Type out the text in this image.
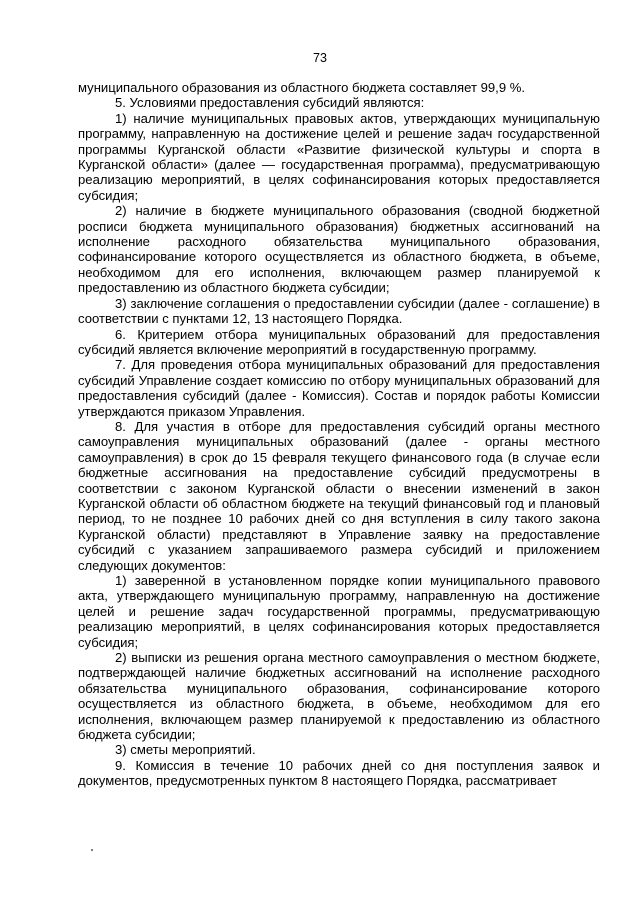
73

муниципального образования из областного бюджета составляет 99,9 %.

5. Условиями предоставления субсидий являются:

1) наличие муниципальных правовых актов, утверждающих муниципальную программу, направленную на достижение целей и решение задач государственной программы Курганской области «Развитие физической культуры и спорта в Курганской области» (далее — государственная программа), предусматривающую реализацию мероприятий, в целях софинансирования которых предоставляется субсидия;

2) наличие в бюджете муниципального образования (сводной бюджетной росписи бюджета муниципального образования) бюджетных ассигнований на исполнение расходного обязательства муниципального образования, софинансирование которого осуществляется из областного бюджета, в объеме, необходимом для его исполнения, включающем размер планируемой к предоставлению из областного бюджета субсидии;

3) заключение соглашения о предоставлении субсидии (далее - соглашение) в соответствии с пунктами 12, 13 настоящего Порядка.

6. Критерием отбора муниципальных образований для предоставления субсидий является включение мероприятий в государственную программу.

7. Для проведения отбора муниципальных образований для предоставления субсидий Управление создает комиссию по отбору муниципальных образований для предоставления субсидий (далее - Комиссия). Состав и порядок работы Комиссии утверждаются приказом Управления.

8. Для участия в отборе для предоставления субсидий органы местного самоуправления муниципальных образований (далее - органы местного самоуправления) в срок до 15 февраля текущего финансового года (в случае если бюджетные ассигнования на предоставление субсидий предусмотрены в соответствии с законом Курганской области о внесении изменений в закон Курганской области об областном бюджете на текущий финансовый год и плановый период, то не позднее 10 рабочих дней со дня вступления в силу такого закона Курганской области) представляют в Управление заявку на предоставление субсидий с указанием запрашиваемого размера субсидий и приложением следующих документов:

1) заверенной в установленном порядке копии муниципального правового акта, утверждающего муниципальную программу, направленную на достижение целей и решение задач государственной программы, предусматривающую реализацию мероприятий, в целях софинансирования которых предоставляется субсидия;

2) выписки из решения органа местного самоуправления о местном бюджете, подтверждающей наличие бюджетных ассигнований на исполнение расходного обязательства муниципального образования, софинансирование которого осуществляется из областного бюджета, в объеме, необходимом для его исполнения, включающем размер планируемой к предоставлению из областного бюджета субсидии;

3) сметы мероприятий.

9. Комиссия в течение 10 рабочих дней со дня поступления заявок и документов, предусмотренных пунктом 8 настоящего Порядка, рассматривает
